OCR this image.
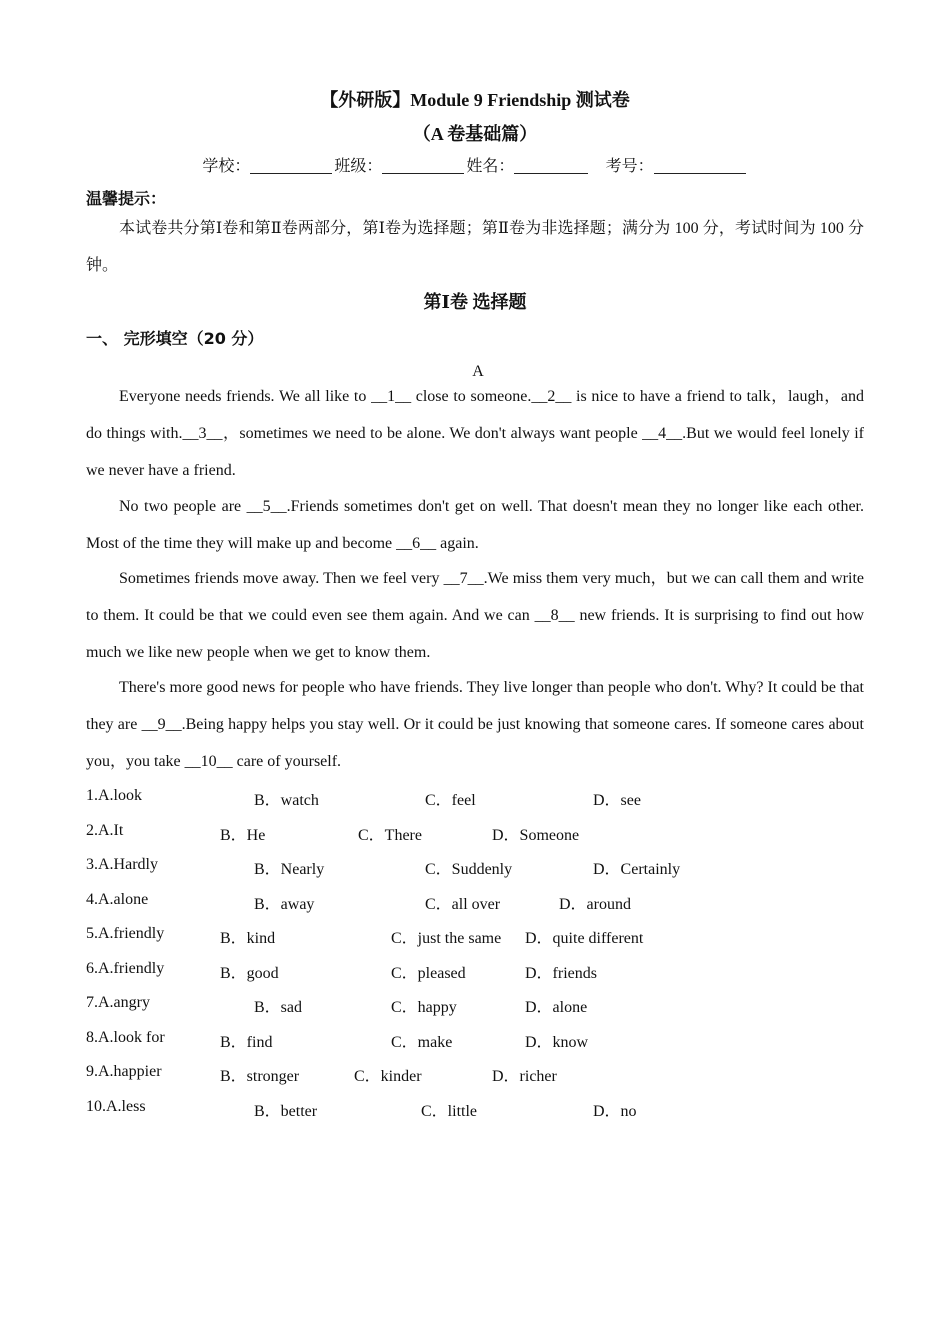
【外研版】Module 9 Friendship 测试卷
（A 卷基础篇）
学校：	班级：	姓名：	考号：
温馨提示：

本试卷共分第Ⅰ卷和第Ⅱ卷两部分，第Ⅰ卷为选择题；第Ⅱ卷为非选择题；满分为 100 分，考试时间为 100 分钟。

第Ⅰ卷 选择题
一、 完形填空（20 分）
A

Everyone needs friends. We all like to __1__ close to someone.__2__ is nice to have a friend to talk，laugh，and do things with.__3__，sometimes we need to be alone. We don't always want people __4__.But we would feel lonely if we never have a friend.

No two people are __5__.Friends sometimes don't get on well. That doesn't mean they no longer like each other. Most of the time they will make up and become __6__ again.

Sometimes friends move away. Then we feel very __7__.We miss them very much，but we can call them and write to them. It could be that we could even see them again. And we can __8__ new friends. It is surprising to find out how much we like new people when we get to know them.

There's more good news for people who have friends. They live longer than people who don't. Why? It could be that they are __9__.Being happy helps you stay well. Or it could be just knowing that someone cares. If someone cares about you，you take __10__ care of yourself.

1.A.look	B．watch	C．feel	D．see
2.A.It	B．He	C．There	D．Someone
3.A.Hardly	B．Nearly	C．Suddenly	D．Certainly
4.A.alone	B．away	C．all over	D．around
5.A.friendly	B．kind	C．just the same D．quite different
6.A.friendly	B．good	C．pleased	D．friends
7.A.angry	B．sad	C．happy	D．alone
8.A.look for	B．find	C．make	D．know
9.A.happier	B．stronger	C．kinder	D．richer
10.A.less	B．better	C．little	D．no
